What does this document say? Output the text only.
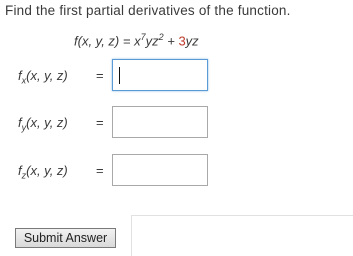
Find the first partial derivatives of the function.
f(x, y, $z) = x^7yz^2 + 3yz$
$f_x(x$, y, z) =
$f_y(x$, y, z) =
$f_z(x$, y, z) =
Submit Answer
